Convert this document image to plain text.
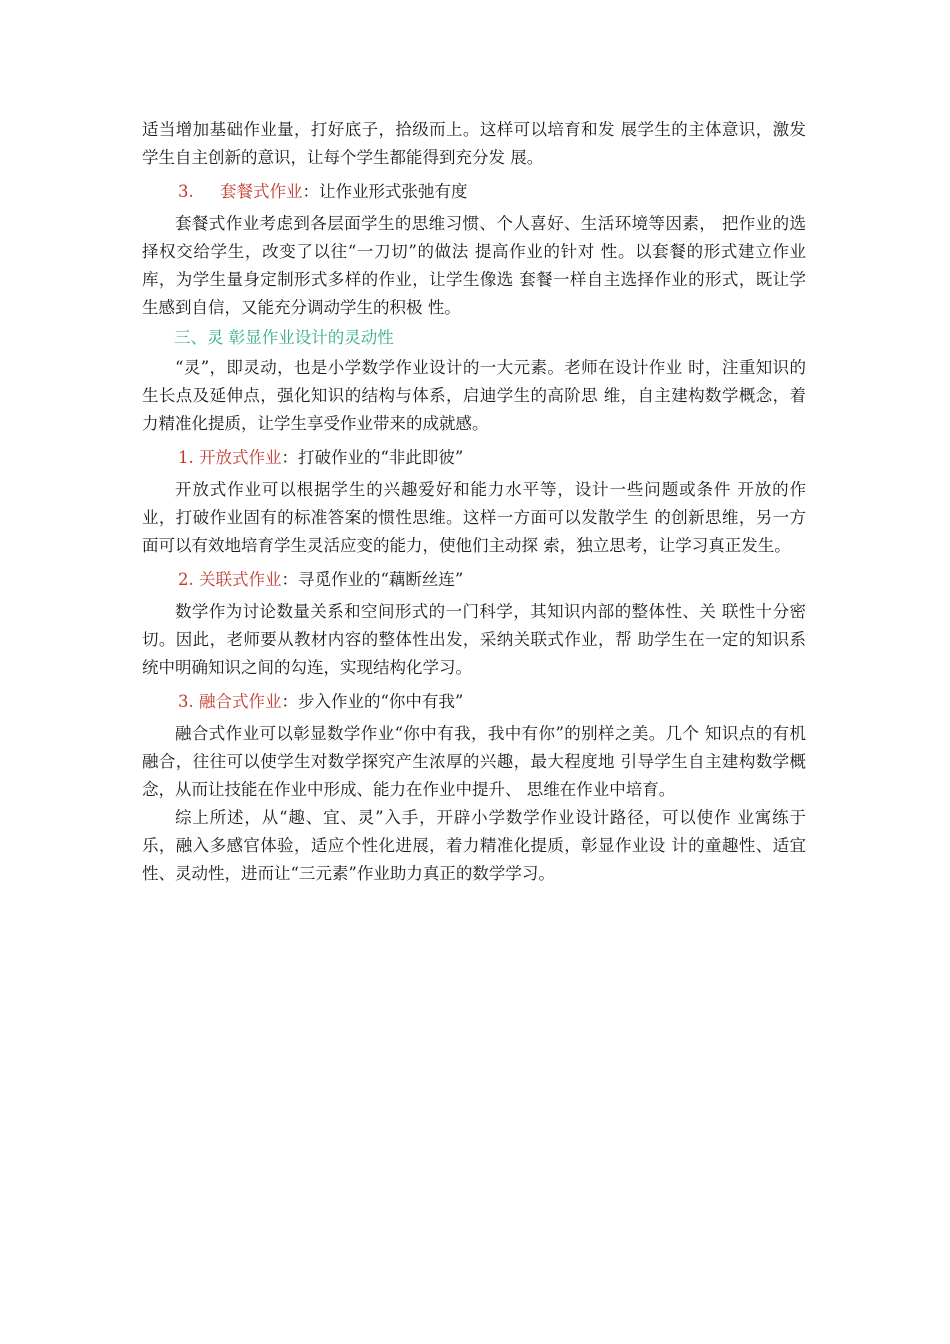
适当增加基础作业量，打好底子，拾级而上。这样可以培育和发 展学生的主体意识，激发学生自主创新的意识，让每个学生都能得到充分发 展。

3. 套餐式作业：让作业形式张弛有度

套餐式作业考虑到各层面学生的思维习惯、个人喜好、生活环境等因素， 把作业的选择权交给学生，改变了以往“一刀切”的做法 提高作业的针对 性。以套餐的形式建立作业库，为学生量身定制形式多样的作业，让学生像选 套餐一样自主选择作业的形式，既让学生感到自信，又能充分调动学生的积极 性。

三、灵 彰显作业设计的灵动性

“灵”，即灵动，也是小学数学作业设计的一大元素。老师在设计作业 时，注重知识的生长点及延伸点，强化知识的结构与体系，启迪学生的高阶思 维，自主建构数学概念，着力精准化提质，让学生享受作业带来的成就感。

1. 开放式作业：打破作业的“非此即彼”

开放式作业可以根据学生的兴趣爱好和能力水平等，设计一些问题或条件 开放的作业，打破作业固有的标准答案的惯性思维。这样一方面可以发散学生 的创新思维，另一方面可以有效地培育学生灵活应变的能力，使他们主动探 索，独立思考，让学习真正发生。

2. 关联式作业：寻觅作业的“藕断丝连”

数学作为讨论数量关系和空间形式的一门科学，其知识内部的整体性、关 联性十分密切。因此，老师要从教材内容的整体性出发，采纳关联式作业，帮 助学生在一定的知识系统中明确知识之间的勾连，实现结构化学习。

3. 融合式作业：步入作业的“你中有我”

融合式作业可以彰显数学作业“你中有我，我中有你”的别样之美。几个 知识点的有机融合，往往可以使学生对数学探究产生浓厚的兴趣，最大程度地 引导学生自主建构数学概念，从而让技能在作业中形成、能力在作业中提升、 思维在作业中培育。

综上所述，从“趣、宜、灵”入手，开辟小学数学作业设计路径，可以使作 业寓练于乐，融入多感官体验，适应个性化进展，着力精准化提质，彰显作业设 计的童趣性、适宜性、灵动性，进而让“三元素”作业助力真正的数学学习。
